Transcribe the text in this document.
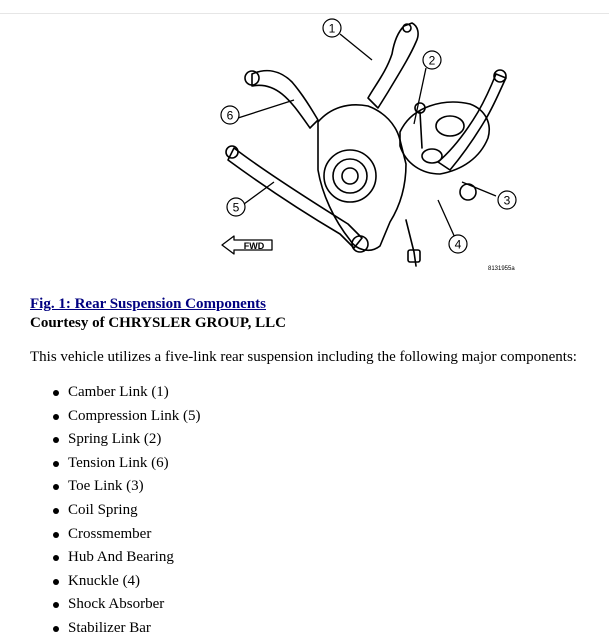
1
2
3
4
5
6
FWD
8131955a
Fig. 1: Rear Suspension Components
Courtesy of CHRYSLER GROUP, LLC
This vehicle utilizes a five-link rear suspension including the following major components:
Camber Link (1)
Compression Link (5)
Spring Link (2)
Tension Link (6)
Toe Link (3)
Coil Spring
Crossmember
Hub And Bearing
Knuckle (4)
Shock Absorber
Stabilizer Bar
